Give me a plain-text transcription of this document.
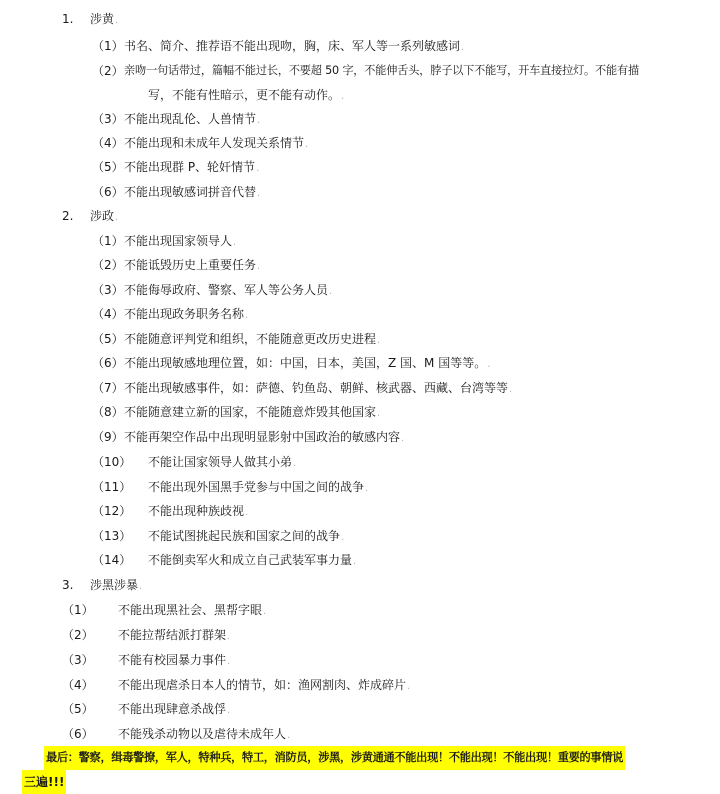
1. 涉黄.
（1） 书名、简介、推荐语不能出现吻，胸，床、军人等一系列敏感词.
（2） 亲吻一句话带过，篇幅不能过长，不要超 50 字，不能伸舌头，脖子以下不能写，开车直接拉灯。不能有描
写，不能有性暗示，更不能有动作。.
（3） 不能出现乱伦、人兽情节.
（4） 不能出现和未成年人发现关系情节.
（5） 不能出现群 P、轮奸情节.
（6） 不能出现敏感词拼音代替.
2. 涉政.
（1） 不能出现国家领导人.
（2） 不能诋毁历史上重要任务.
（3） 不能侮辱政府、警察、军人等公务人员.
（4） 不能出现政务职务名称.
（5） 不能随意评判党和组织，不能随意更改历史进程.
（6） 不能出现敏感地理位置，如：中国，日本，美国，Z 国、M 国等等。.
（7） 不能出现敏感事件，如：萨德、钓鱼岛、朝鲜、核武器、西藏、台湾等等.
（8） 不能随意建立新的国家，不能随意炸毁其他国家.
（9） 不能再架空作品中出现明显影射中国政治的敏感内容.
（10） 不能让国家领导人做其小弟.
（11） 不能出现外国黑手党参与中国之间的战争.
（12） 不能出现种族歧视.
（13） 不能试图挑起民族和国家之间的战争.
（14） 不能倒卖军火和成立自己武装军事力量.
3. 涉黑涉暴.
（1） 不能出现黑社会、黑帮字眼.
（2） 不能拉帮结派打群架.
（3） 不能有校园暴力事件.
（4） 不能出现虐杀日本人的情节，如：渔网割肉、炸成碎片.
（5） 不能出现肆意杀战俘.
（6） 不能残杀动物以及虐待未成年人.
最后：警察，缉毒警撩，军人，特种兵，特工，消防员，涉黑，涉黄通通不能出现！不能出现！不能出现！重要的事情说
三遍!!!
